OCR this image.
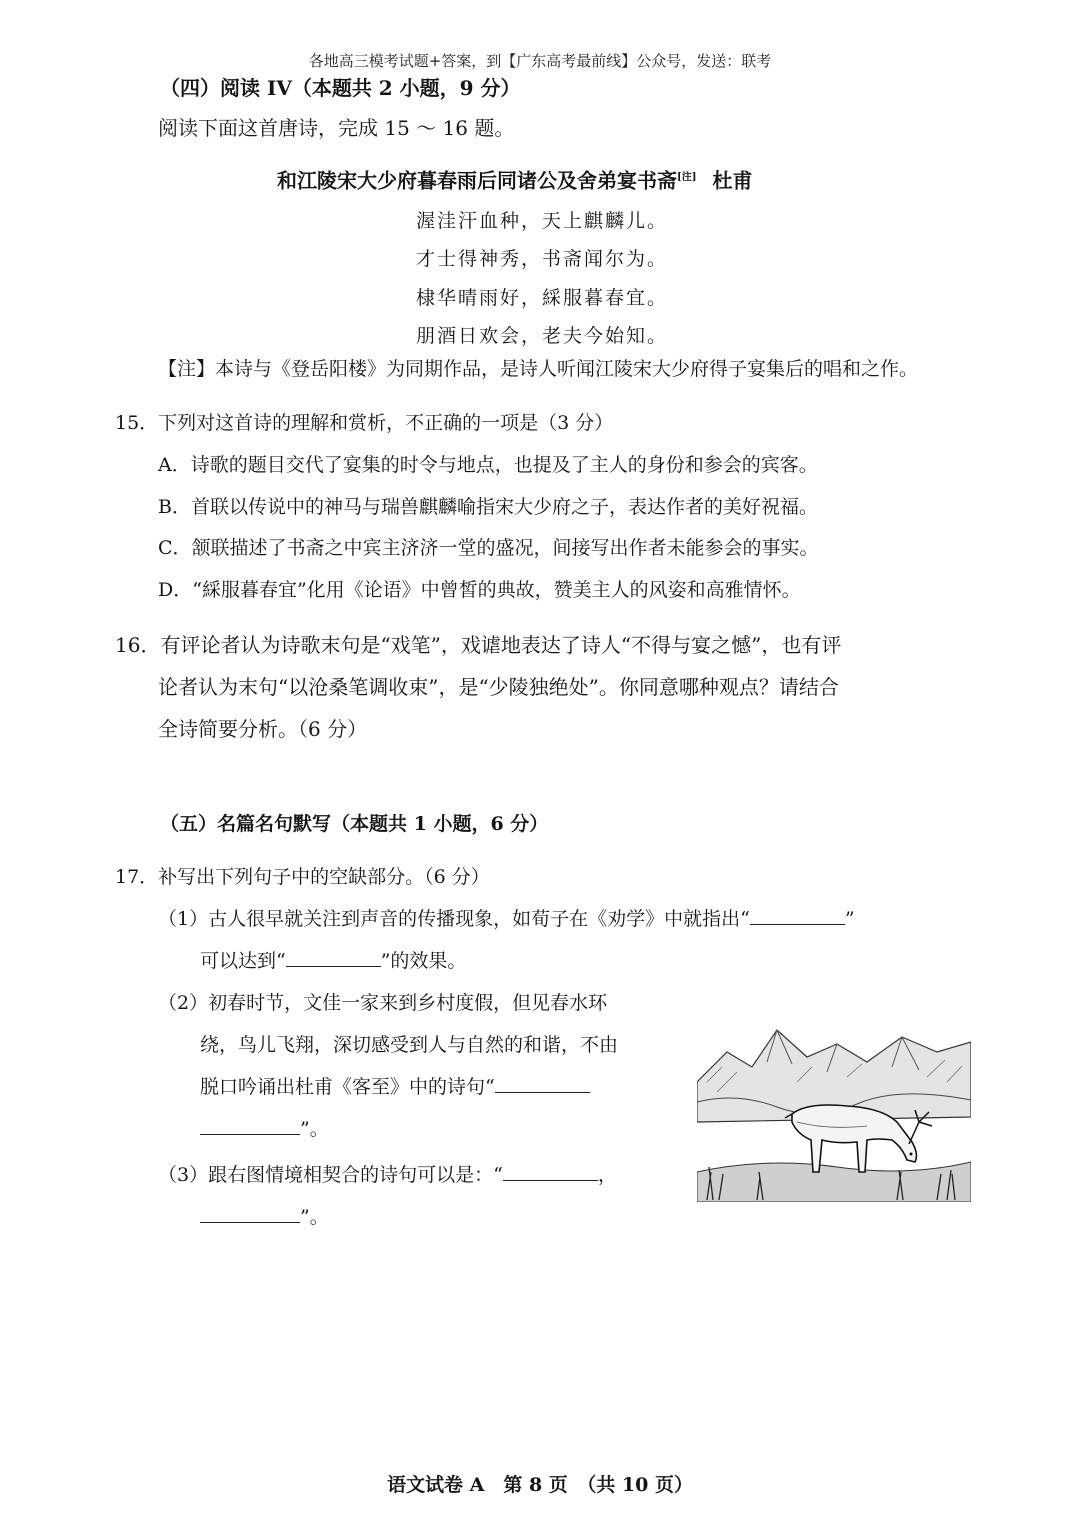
各地高三模考试题+答案，到【广东高考最前线】公众号，发送：联考
（四）阅读 IV（本题共 2 小题，9 分）
阅读下面这首唐诗，完成 15 ～ 16 题。
和江陵宋大少府暮春雨后同诸公及舍弟宴书斋[注] 杜甫
渥洼汗血种，天上麒麟儿。
才士得神秀，书斋闻尔为。
棣华晴雨好，綵服暮春宜。
朋酒日欢会，老夫今始知。
【注】本诗与《登岳阳楼》为同期作品，是诗人听闻江陵宋大少府得子宴集后的唱和之作。
15．下列对这首诗的理解和赏析，不正确的一项是（3 分）
A．诗歌的题目交代了宴集的时令与地点，也提及了主人的身份和参会的宾客。
B．首联以传说中的神马与瑞兽麒麟喻指宋大少府之子，表达作者的美好祝福。
C．颔联描述了书斋之中宾主济济一堂的盛况，间接写出作者未能参会的事实。
D．“綵服暮春宜”化用《论语》中曾皙的典故，赞美主人的风姿和高雅情怀。
16．有评论者认为诗歌末句是“戏笔”，戏谑地表达了诗人“不得与宴之憾”，也有评
论者认为末句“以沧桑笔调收束”，是“少陵独绝处”。你同意哪种观点？请结合
全诗简要分析。（6 分）
（五）名篇名句默写（本题共 1 小题，6 分）
17．补写出下列句子中的空缺部分。（6 分）
（1）古人很早就关注到声音的传播现象，如荀子在《劝学》中就指出“	”
可以达到“	”的效果。
（2）初春时节，文佳一家来到乡村度假，但见春水环
绕，鸟儿飞翔，深切感受到人与自然的和谐，不由
脱口吟诵出杜甫《客至》中的诗句“
”。
（3）跟右图情境相契合的诗句可以是：“	，
”。
语文试卷 A　第 8 页　（共 10 页）
